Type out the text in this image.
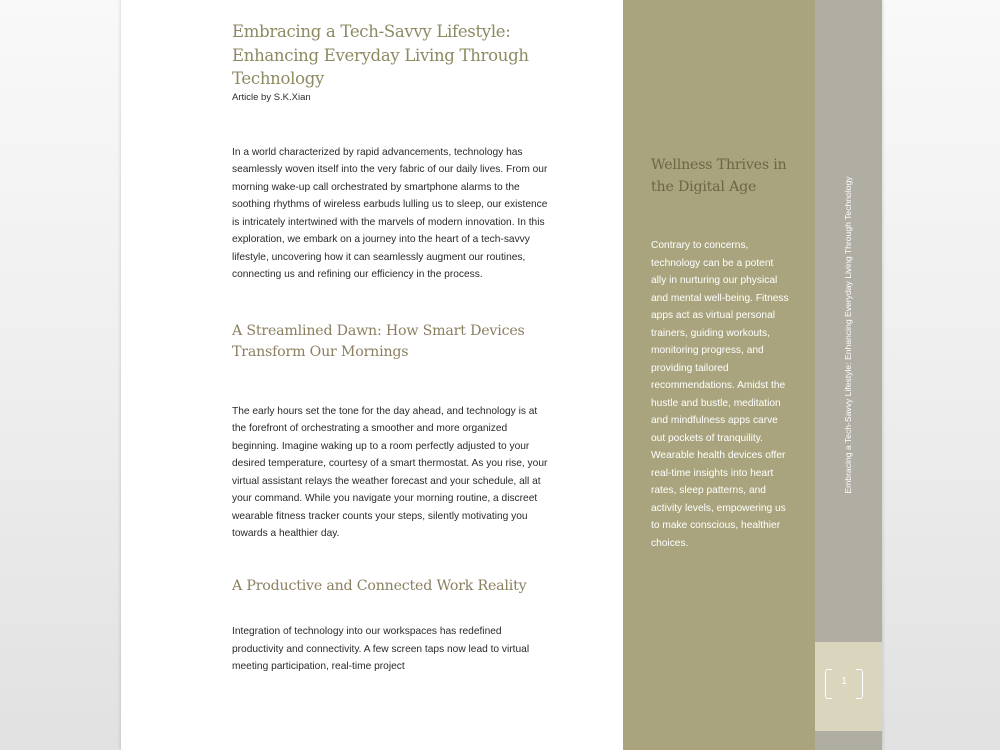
Embracing a Tech-Savvy Lifestyle: Enhancing Everyday Living Through Technology

Article by S.K.Xian

In a world characterized by rapid advancements, technology has seamlessly woven itself into the very fabric of our daily lives. From our morning wake-up call orchestrated by smartphone alarms to the soothing rhythms of wireless earbuds lulling us to sleep, our existence is intricately intertwined with the marvels of modern innovation. In this exploration, we embark on a journey into the heart of a tech-savvy lifestyle, uncovering how it can seamlessly augment our routines, connecting us and refining our efficiency in the process.

A Streamlined Dawn: How Smart Devices Transform Our Mornings

The early hours set the tone for the day ahead, and technology is at the forefront of orchestrating a smoother and more organized beginning. Imagine waking up to a room perfectly adjusted to your desired temperature, courtesy of a smart thermostat. As you rise, your virtual assistant relays the weather forecast and your schedule, all at your command. While you navigate your morning routine, a discreet wearable fitness tracker counts your steps, silently motivating you towards a healthier day.

A Productive and Connected Work Reality

Integration of technology into our workspaces has redefined productivity and connectivity. A few screen taps now lead to virtual meeting participation, real-time project

Wellness Thrives in the Digital Age

Contrary to concerns, technology can be a potent ally in nurturing our physical and mental well-being. Fitness apps act as virtual personal trainers, guiding workouts, monitoring progress, and providing tailored recommendations. Amidst the hustle and bustle, meditation and mindfulness apps carve out pockets of tranquility. Wearable health devices offer real-time insights into heart rates, sleep patterns, and activity levels, empowering us to make conscious, healthier choices.

Embracing a Tech-Savvy Lifestyle: Enhancing Everyday Living Through Technology
1
